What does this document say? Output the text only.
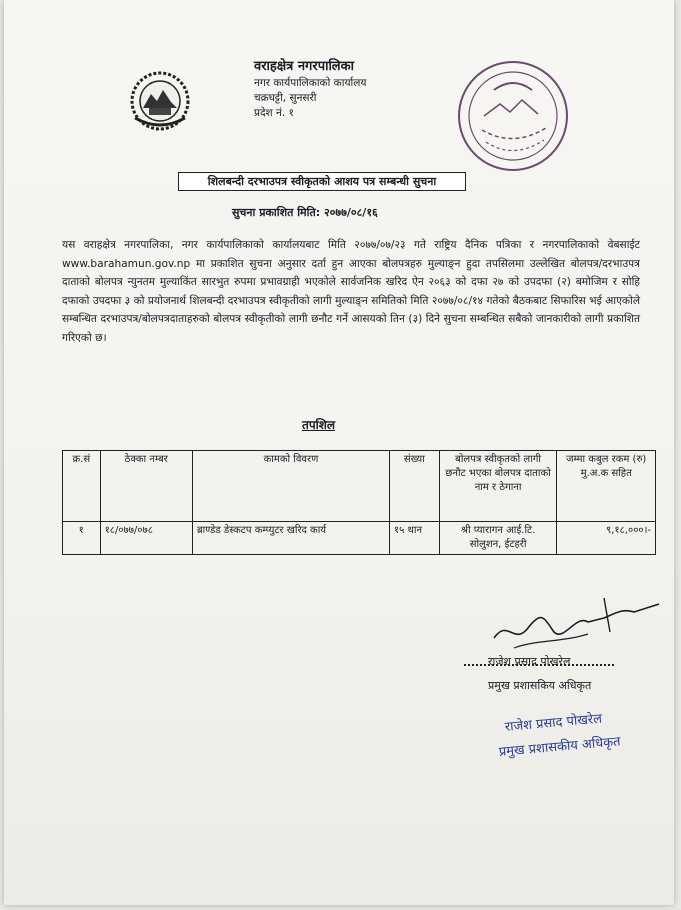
वराहक्षेत्र नगरपालिका
नगर कार्यपालिकाको कार्यालय
चक्रघट्टी, सुनसरी
प्रदेश नं. १
शिलबन्दी दरभाउपत्र स्वीकृतको आशय पत्र सम्बन्धी सुचना
सुचना प्रकाशित मिति: २०७७/०८/१६

यस वराहक्षेत्र नगरपालिका, नगर कार्यपालिकाको कार्यालयबाट मिति २०७७/०७/२३ गते राष्ट्रिय दैनिक पत्रिका र नगरपालिकाको वेबसाईट www.barahamun.gov.np मा प्रकाशित सुचना अनुसार दर्ता हुन आएका बोलपत्रहरु मुल्याङ्न हुदा तपसिलमा उल्लेखित बोलपत्र/दरभाउपत्र दाताको बोलपत्र न्युनतम मुल्याकिंत सारभुत रुपमा प्रभावग्राही भएकोले सार्वजनिक खरिद ऐन २०६३ को दफा २७ को उपदफा (२) बमोजिम र सोहि दफाको उपदफा ३ को प्रयोजनार्थ शिलबन्दी दरभाउपत्र स्वीकृतीको लागी मुल्याङ्न समितिको मिति २०७७/०८/१४ गतेको बैठकबाट सिफारिस भई आएकोले सम्बन्धित दरभाउपत्र/बोलपत्रदाताहरुको बोलपत्र स्वीकृतीको लागी छनौट गर्ने आसयको तिन (३) दिने सुचना सम्बन्धित सबैको जानकारीको लागी प्रकाशित गरिएको छ।

तपशिल
क्र.सं	ठेक्का नम्बर	कामको विवरण	संख्या	बोलपत्र स्वीकृतको लागी छनौट भएका बोलपत्र दाताको नाम र ठेगाना	जम्मा कबुल रकम (रु) मु.अ.क सहित
१	१८/०७७/०७८	ब्राण्डेड डेस्कटप कम्प्युटर खरिद कार्य	१५ थान	श्री प्यारागन आई.टि. सोलुशन, ईटहरी	९,१८,०००।-
राजेश प्रसाद पोखरेल
प्रमुख प्रशासकिय अधिकृत
राजेश प्रसाद पोखरेल
प्रमुख प्रशासकीय अधिकृत
